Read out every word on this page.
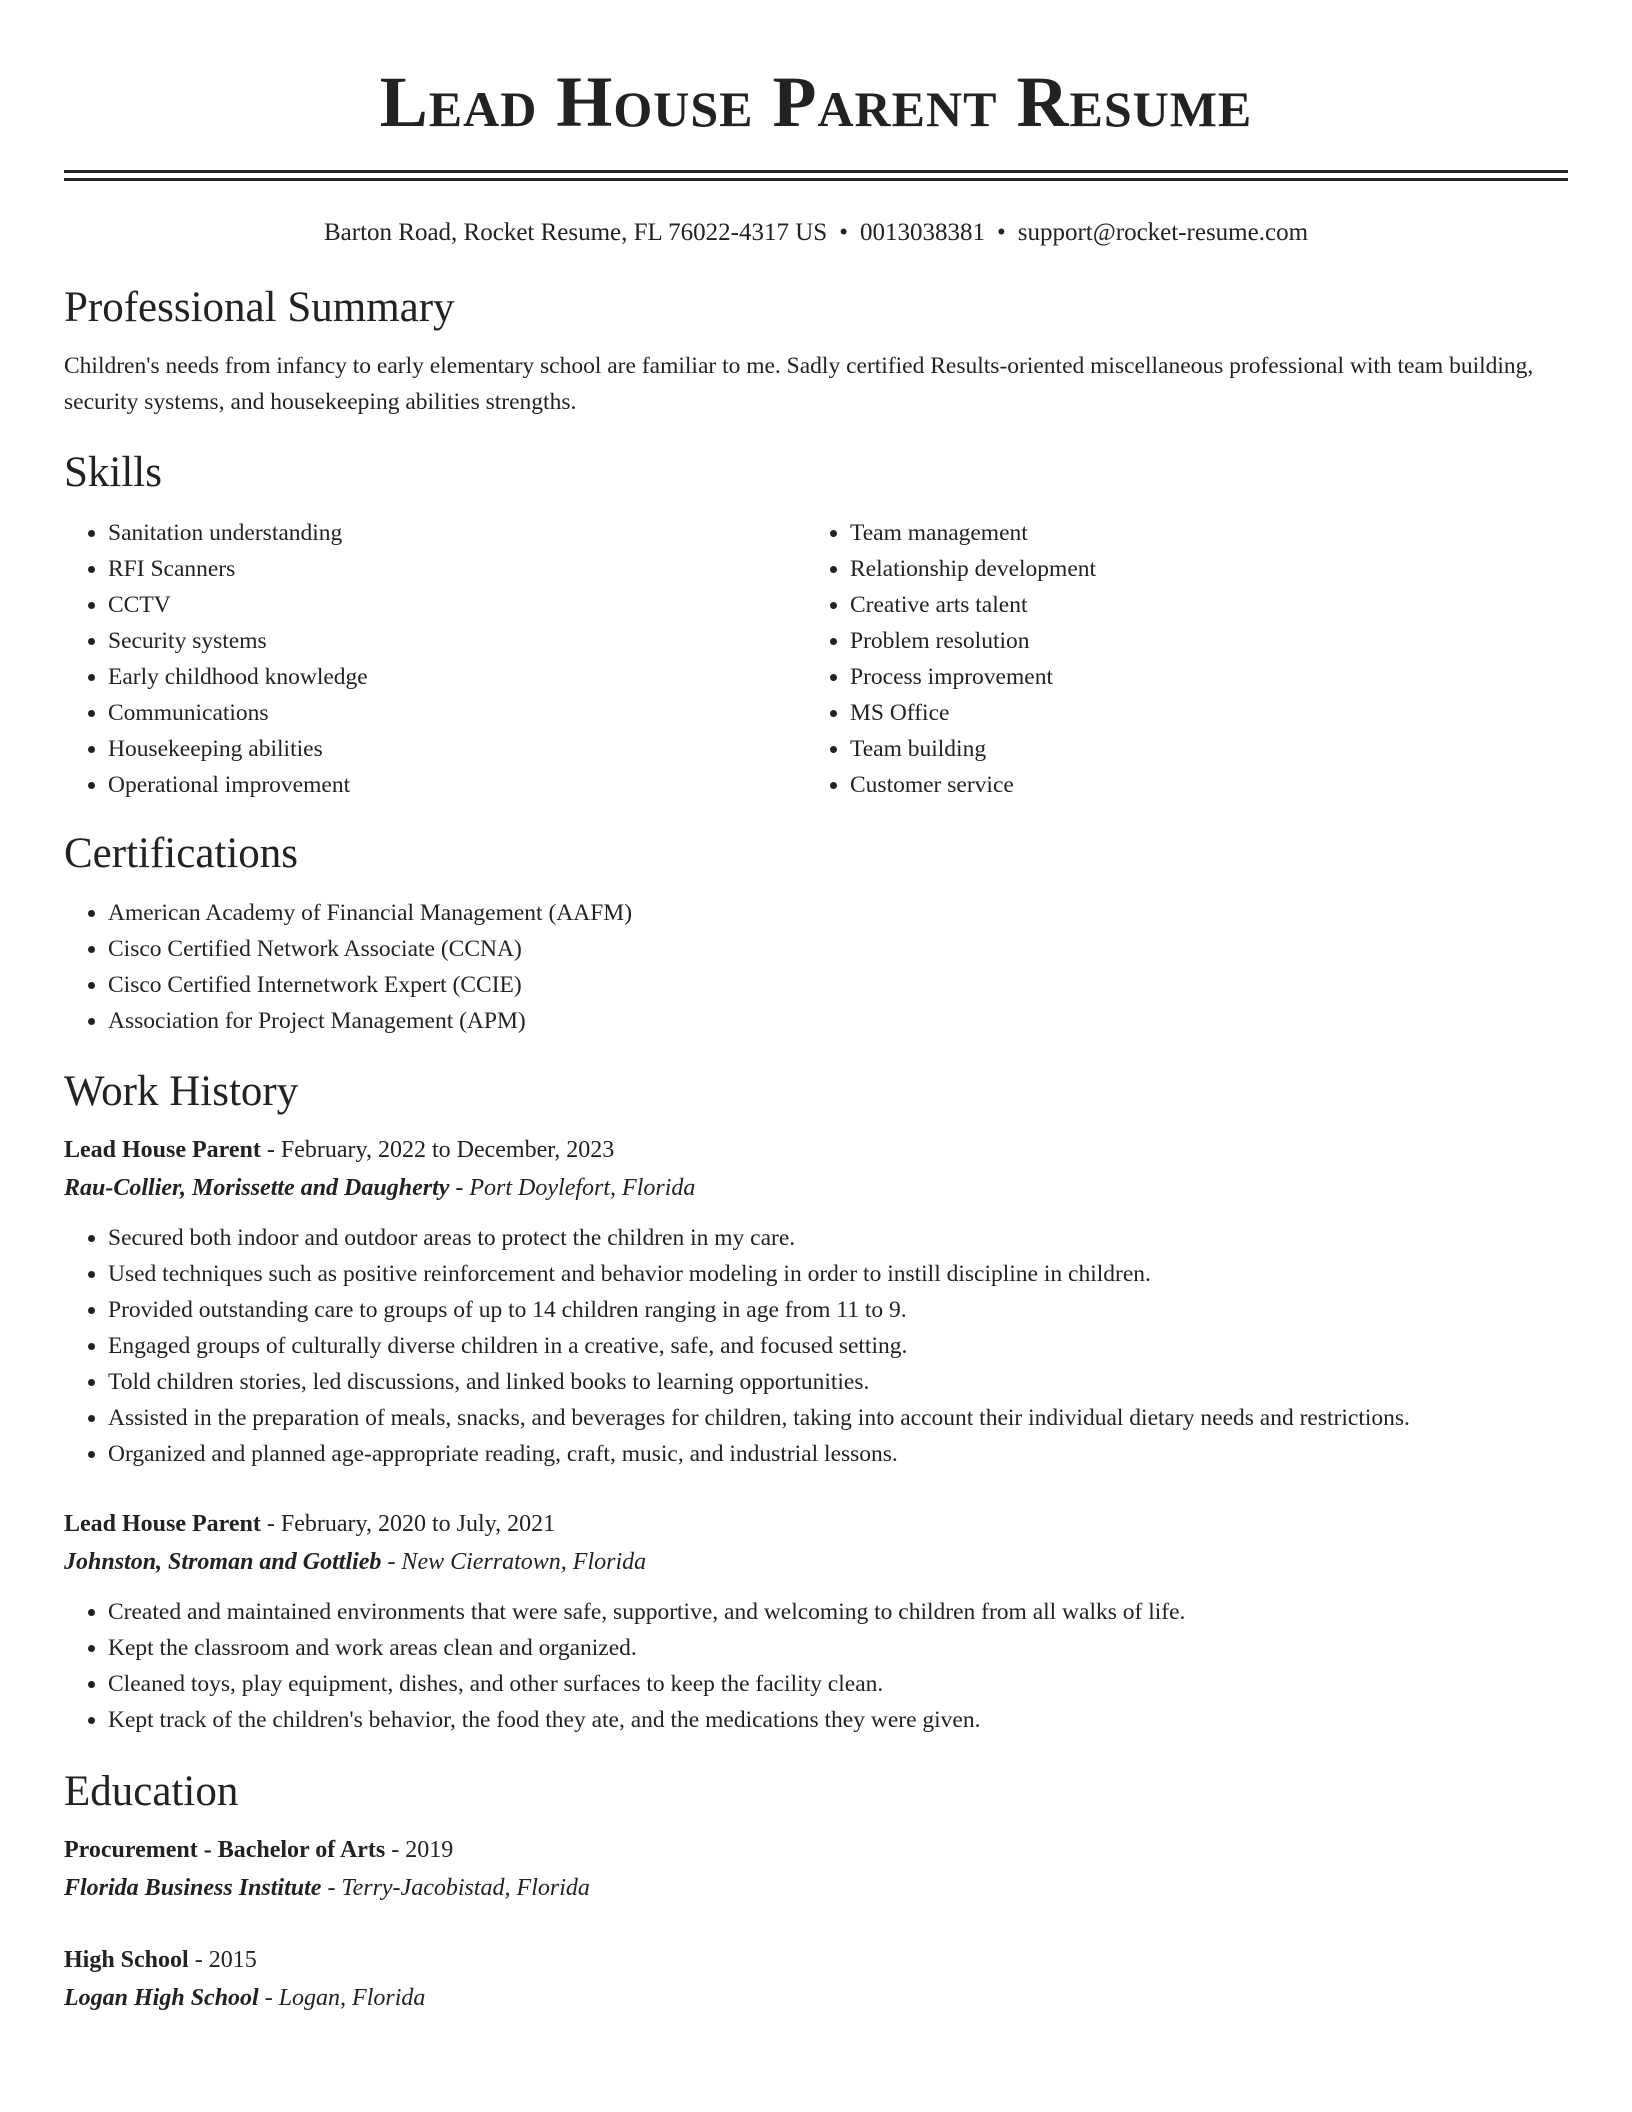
Lead House Parent Resume
Barton Road, Rocket Resume, FL 76022-4317 US • 0013038381 • support@rocket-resume.com
Professional Summary

Children's needs from infancy to early elementary school are familiar to me. Sadly certified Results-oriented miscellaneous professional with team building, security systems, and housekeeping abilities strengths.

Skills
• Sanitation understanding
• RFI Scanners
• CCTV
• Security systems
• Early childhood knowledge
• Communications
• Housekeeping abilities
• Operational improvement
• Team management
• Relationship development
• Creative arts talent
• Problem resolution
• Process improvement
• MS Office
• Team building
• Customer service
Certifications
• American Academy of Financial Management (AAFM)
• Cisco Certified Network Associate (CCNA)
• Cisco Certified Internetwork Expert (CCIE)
• Association for Project Management (APM)
Work History

Lead House Parent - February, 2022 to December, 2023

Rau-Collier, Morissette and Daugherty - Port Doylefort, Florida

• Secured both indoor and outdoor areas to protect the children in my care.
• Used techniques such as positive reinforcement and behavior modeling in order to instill discipline in children.
• Provided outstanding care to groups of up to 14 children ranging in age from 11 to 9.
• Engaged groups of culturally diverse children in a creative, safe, and focused setting.
• Told children stories, led discussions, and linked books to learning opportunities.
• Assisted in the preparation of meals, snacks, and beverages for children, taking into account their individual dietary needs and restrictions.
• Organized and planned age-appropriate reading, craft, music, and industrial lessons.

Lead House Parent - February, 2020 to July, 2021

Johnston, Stroman and Gottlieb - New Cierratown, Florida

• Created and maintained environments that were safe, supportive, and welcoming to children from all walks of life.
• Kept the classroom and work areas clean and organized.
• Cleaned toys, play equipment, dishes, and other surfaces to keep the facility clean.
• Kept track of the children's behavior, the food they ate, and the medications they were given.
Education

Procurement - Bachelor of Arts - 2019

Florida Business Institute - Terry-Jacobistad, Florida

High School - 2015

Logan High School - Logan, Florida
